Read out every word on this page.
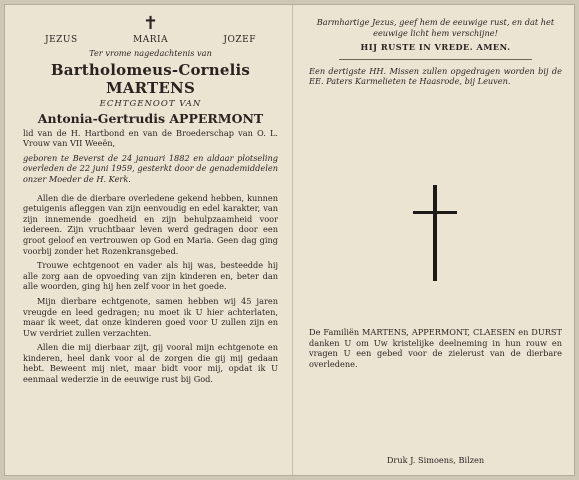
✝
JEZUS	MARIA	JOZEF
Ter vrome nagedachtenis van
Bartholomeus-Cornelis MARTENS
ECHTGENOOT VAN
Antonia-Gertrudis APPERMONT

lid van de H. Hartbond en van de Broederschap van O. L. Vrouw van VII Weeën,

geboren te Beverst de 24 januari 1882 en aldaar plotseling overleden de 22 juni 1959, gesterkt door de genademiddelen onzer Moeder de H. Kerk.

Allen die de dierbare overledene gekend hebben, kunnen getuigenis afleggen van zijn eenvoudig en edel karakter, van zijn innemende goedheid en zijn behulpzaamheid voor iedereen. Zijn vruchtbaar leven werd gedragen door een groot geloof en vertrouwen op God en Maria. Geen dag ging voorbij zonder het Rozenkransgebed.

Trouwe echtgenoot en vader als hij was, besteedde hij alle zorg aan de opvoeding van zijn kinderen en, beter dan alle woorden, ging hij hen zelf voor in het goede.

Mijn dierbare echtgenote, samen hebben wij 45 jaren vreugde en leed gedragen; nu moet ik U hier achterlaten, maar ik weet, dat onze kinderen goed voor U zullen zijn en Uw verdriet zullen verzachten.

Allen die mij dierbaar zijt, gij vooral mijn echtgenote en kinderen, heel dank voor al de zorgen die gij mij gedaan hebt. Beweent mij niet, maar bidt voor mij, opdat ik U eenmaal wederzie in de eeuwige rust bij God.

Barmhartige Jezus, geef hem de eeuwige rust, en dat het eeuwige licht hem verschijne!

HIJ RUSTE IN VREDE. AMEN.

Een dertigste HH. Missen zullen opgedragen worden bij de EE. Paters Karmelieten te Haasrode, bij Leuven.

De Familiën MARTENS, APPERMONT, CLAESEN en DURST danken U om Uw kristelijke deelneming in hun rouw en vragen U een gebed voor de zielerust van de dierbare overledene.

Druk J. Simoens, Bilzen
